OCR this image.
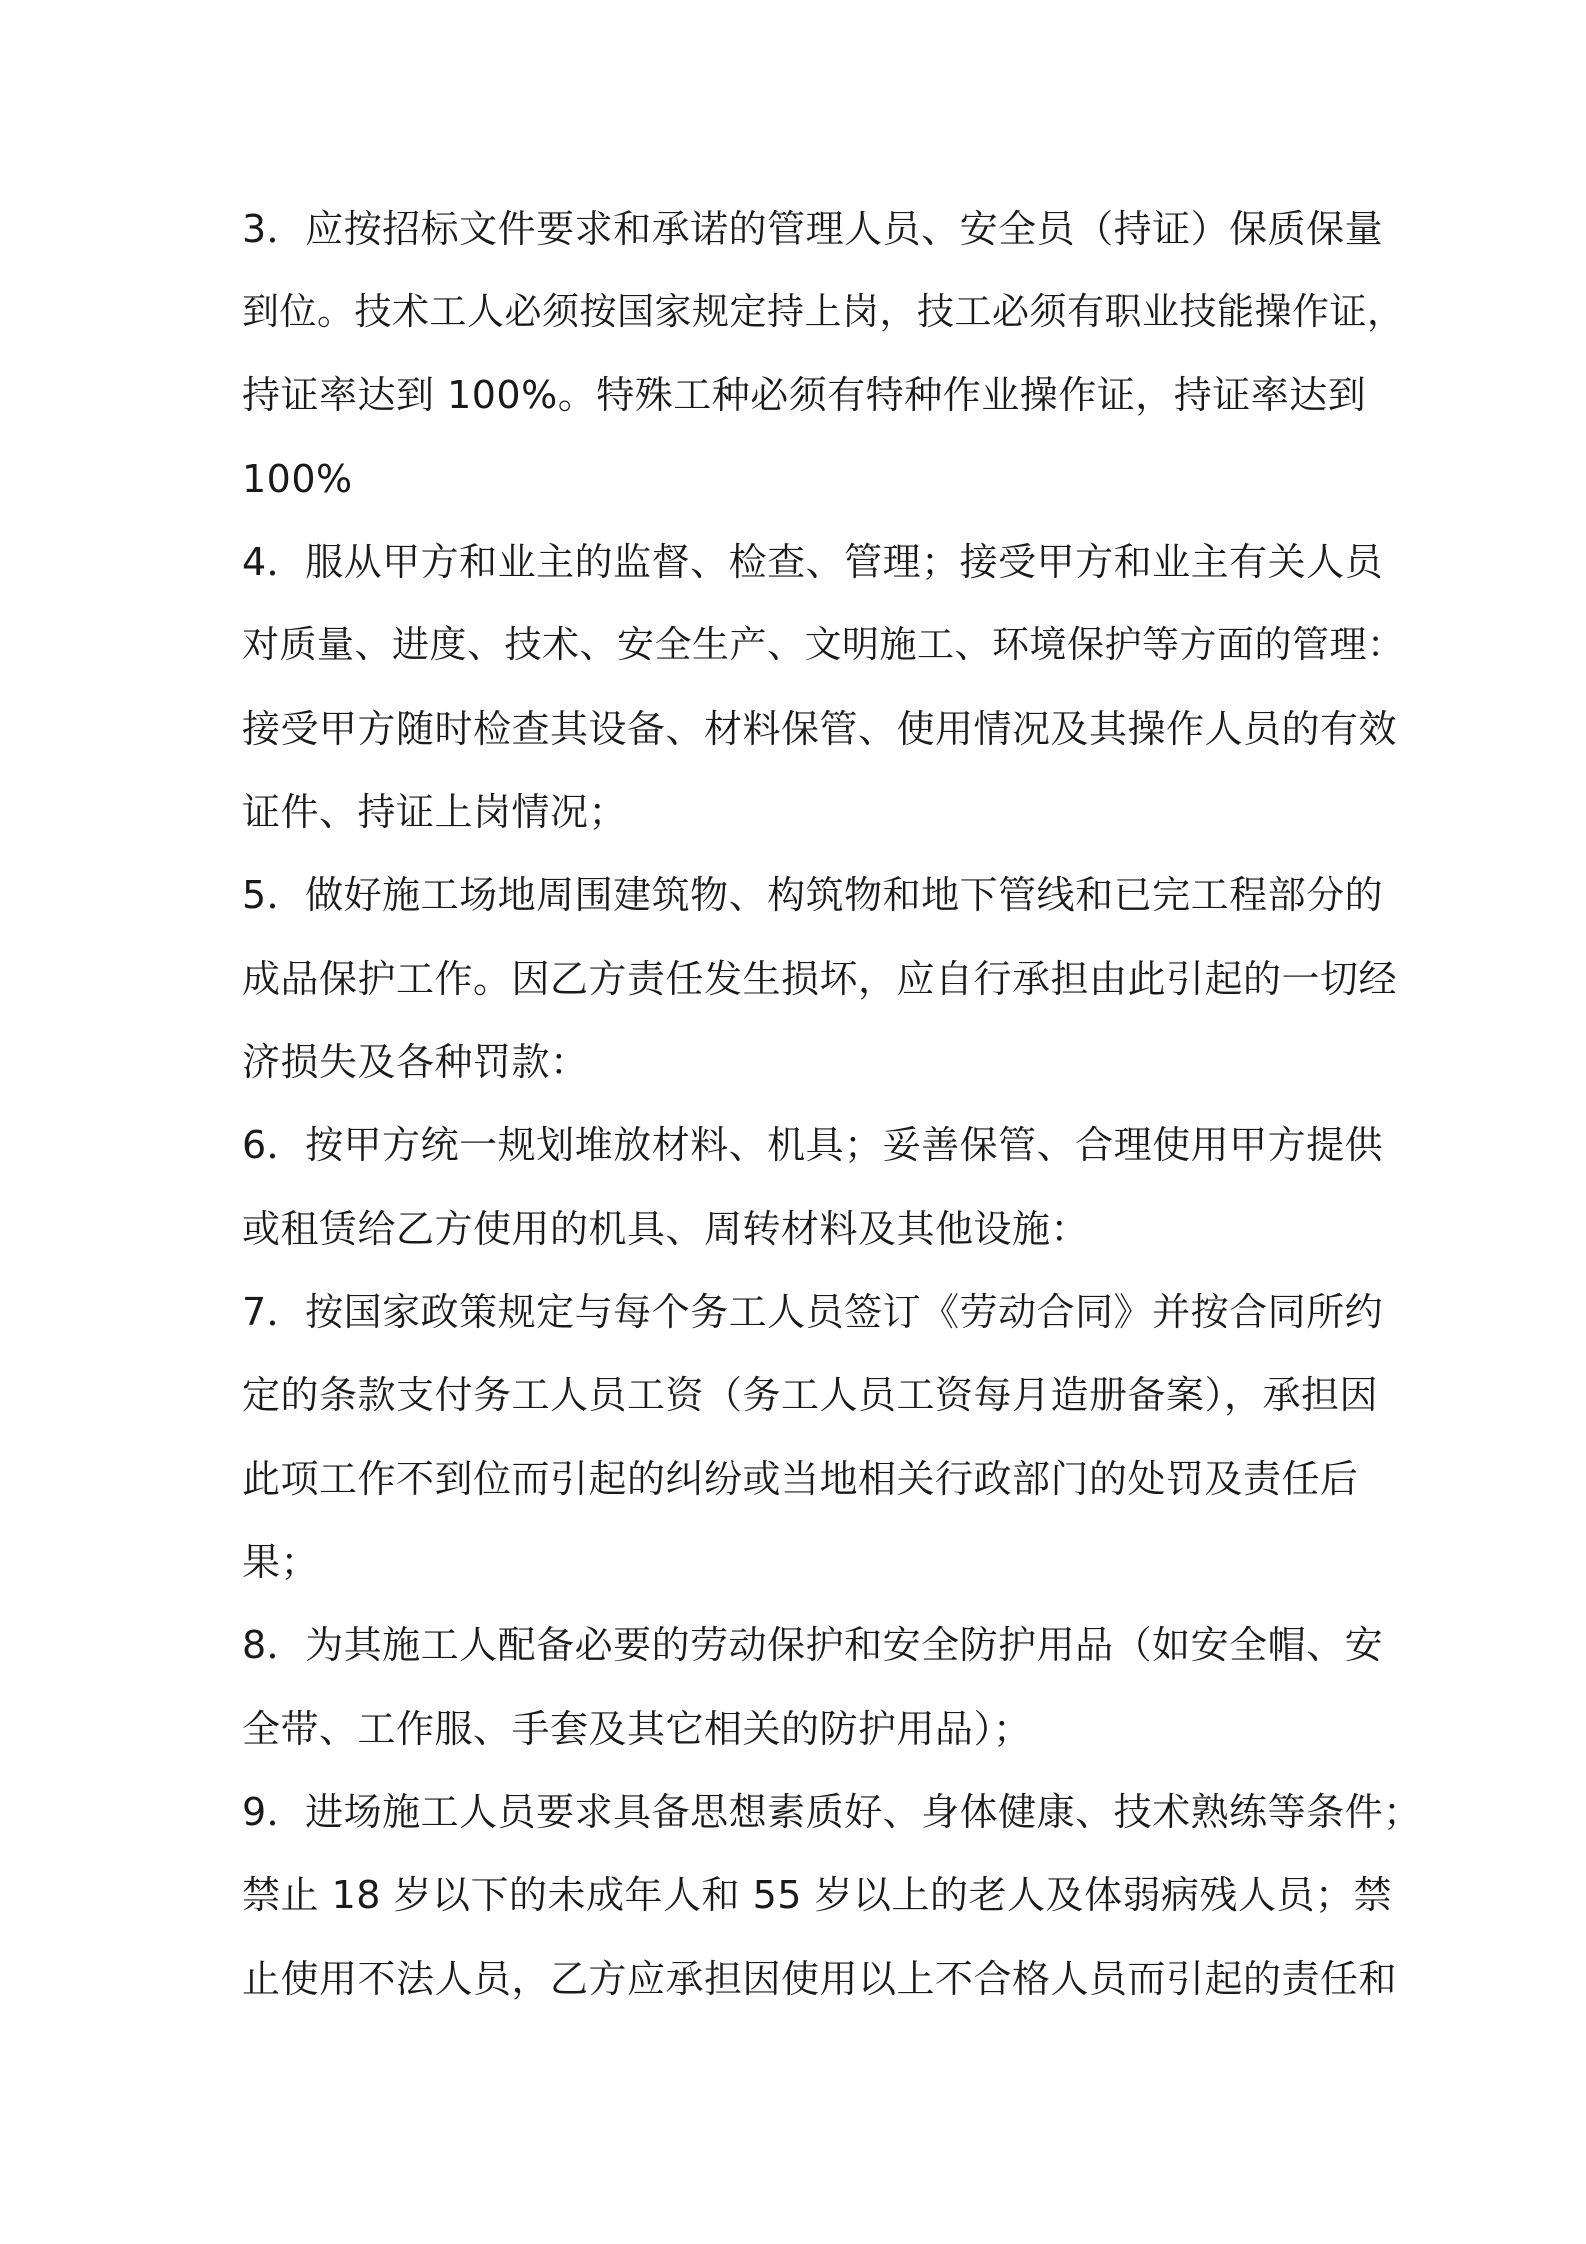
3．应按招标文件要求和承诺的管理人员、安全员（持证）保质保量
到位。技术工人必须按国家规定持上岗，技工必须有职业技能操作证，
持证率达到 100%。特殊工种必须有特种作业操作证，持证率达到
100%
4．服从甲方和业主的监督、检查、管理；接受甲方和业主有关人员
对质量、进度、技术、安全生产、文明施工、环境保护等方面的管理：
接受甲方随时检查其设备、材料保管、使用情况及其操作人员的有效
证件、持证上岗情况；
5．做好施工场地周围建筑物、构筑物和地下管线和已完工程部分的
成品保护工作。因乙方责任发生损坏，应自行承担由此引起的一切经
济损失及各种罚款：
6．按甲方统一规划堆放材料、机具；妥善保管、合理使用甲方提供
或租赁给乙方使用的机具、周转材料及其他设施：
7．按国家政策规定与每个务工人员签订《劳动合同》并按合同所约
定的条款支付务工人员工资（务工人员工资每月造册备案），承担因
此项工作不到位而引起的纠纷或当地相关行政部门的处罚及责任后
果；
8．为其施工人配备必要的劳动保护和安全防护用品（如安全帽、安
全带、工作服、手套及其它相关的防护用品）；
9．进场施工人员要求具备思想素质好、身体健康、技术熟练等条件；
禁止 18 岁以下的未成年人和 55 岁以上的老人及体弱病残人员；禁
止使用不法人员，乙方应承担因使用以上不合格人员而引起的责任和
